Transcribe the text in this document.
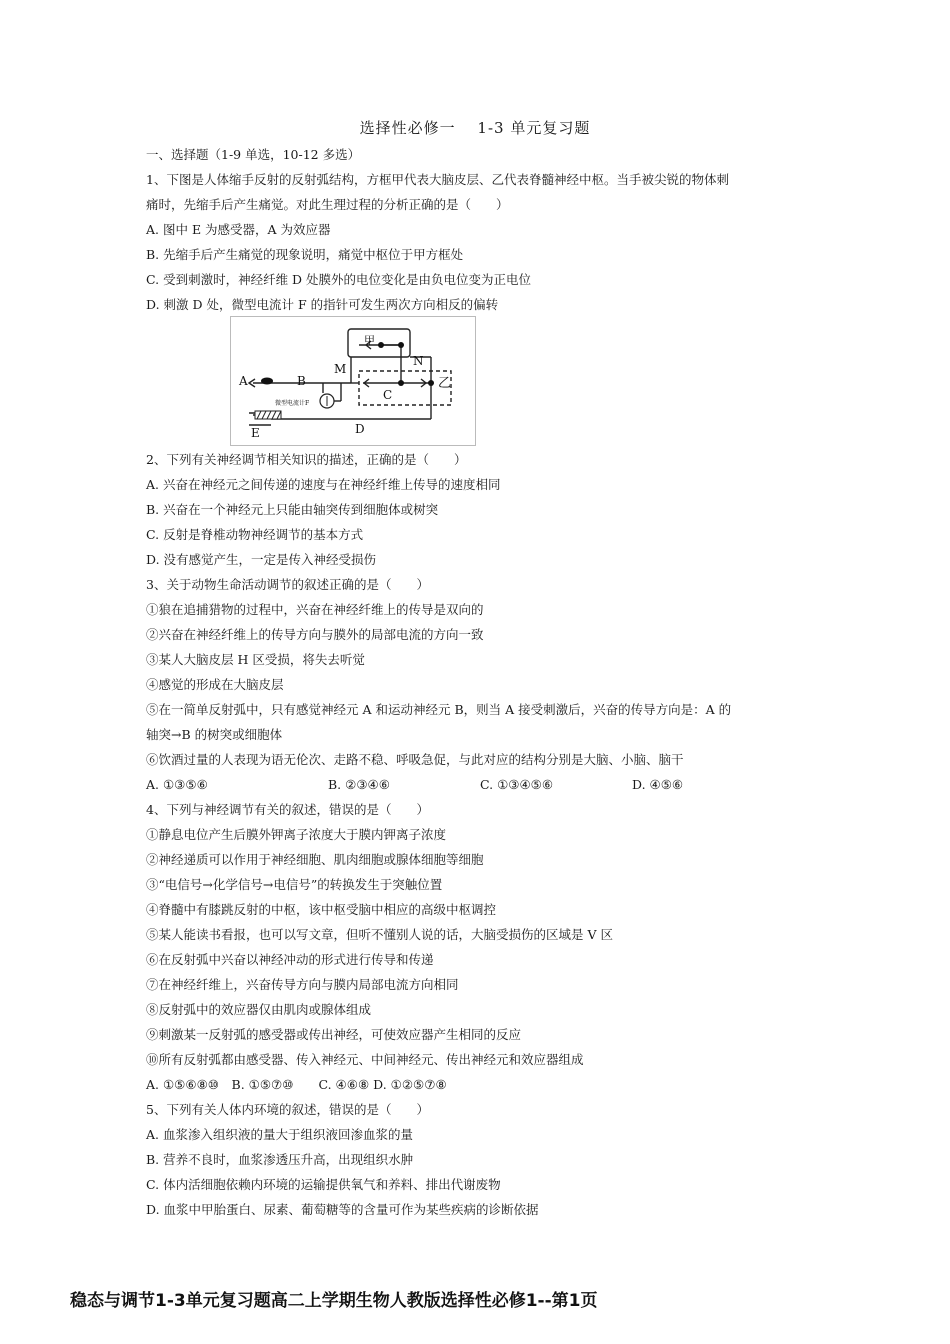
选择性必修一　 1-3 单元复习题
一、选择题（1-9 单选，10-12 多选）
1、下图是人体缩手反射的反射弧结构，方框甲代表大脑皮层、乙代表脊髓神经中枢。当手被尖锐的物体刺
痛时，先缩手后产生痛觉。对此生理过程的分析正确的是（　　）
A. 图中 E 为感受器，A 为效应器
B. 先缩手后产生痛觉的现象说明，痛觉中枢位于甲方框处
C. 受到刺激时，神经纤维 D 处膜外的电位变化是由负电位变为正电位
D. 刺激 D 处，微型电流计 F 的指针可发生两次方向相反的偏转
甲
乙
A	B
C
D
E
M
N
微型电流计F
2、下列有关神经调节相关知识的描述，正确的是（　　）
A. 兴奋在神经元之间传递的速度与在神经纤维上传导的速度相同
B. 兴奋在一个神经元上只能由轴突传到细胞体或树突
C. 反射是脊椎动物神经调节的基本方式
D. 没有感觉产生，一定是传入神经受损伤
3、关于动物生命活动调节的叙述正确的是（　　）
①狼在追捕猎物的过程中，兴奋在神经纤维上的传导是双向的
②兴奋在神经纤维上的传导方向与膜外的局部电流的方向一致
③某人大脑皮层 H 区受损，将失去听觉
④感觉的形成在大脑皮层
⑤在一简单反射弧中，只有感觉神经元 A 和运动神经元 B，则当 A 接受刺激后，兴奋的传导方向是：A 的
轴突→B 的树突或细胞体
⑥饮酒过量的人表现为语无伦次、走路不稳、呼吸急促，与此对应的结构分别是大脑、小脑、脑干
A. ①③⑤⑥	B. ②③④⑥	C. ①③④⑤⑥	D. ④⑤⑥
4、下列与神经调节有关的叙述，错误的是（　　）
①静息电位产生后膜外钾离子浓度大于膜内钾离子浓度
②神经递质可以作用于神经细胞、肌肉细胞或腺体细胞等细胞
③“电信号→化学信号→电信号”的转换发生于突触位置
④脊髓中有膝跳反射的中枢，该中枢受脑中相应的高级中枢调控
⑤某人能读书看报，也可以写文章，但听不懂别人说的话，大脑受损伤的区域是 V 区
⑥在反射弧中兴奋以神经冲动的形式进行传导和传递
⑦在神经纤维上，兴奋传导方向与膜内局部电流方向相同
⑧反射弧中的效应器仅由肌肉或腺体组成
⑨刺激某一反射弧的感受器或传出神经，可使效应器产生相同的反应
⑩所有反射弧都由感受器、传入神经元、中间神经元、传出神经元和效应器组成
A. ①⑤⑥⑧⑩　B. ①⑤⑦⑩　　C. ④⑥⑧ D. ①②⑤⑦⑧
5、下列有关人体内环境的叙述，错误的是（　　）
A. 血浆渗入组织液的量大于组织液回渗血浆的量
B. 营养不良时，血浆渗透压升高，出现组织水肿
C. 体内活细胞依赖内环境的运输提供氧气和养料、排出代谢废物
D. 血浆中甲胎蛋白、尿素、葡萄糖等的含量可作为某些疾病的诊断依据
稳态与调节1-3单元复习题高二上学期生物人教版选择性必修1--第1页
